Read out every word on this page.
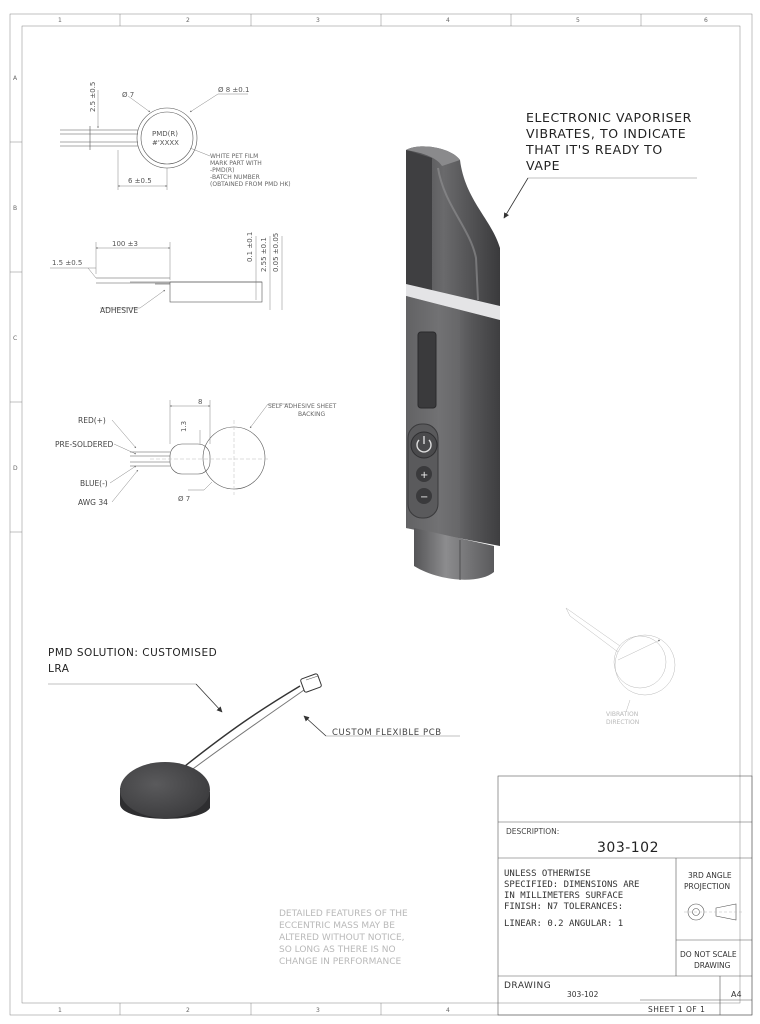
1	2	3	4	5	6
1	2	3	4
A
B
C
D
2.5 ±0.5	Ø 7
Ø 8 ±0.1
6 ±0.5
PMD(R)
#'XXXX
WHITE PET FILM
MARK PART WITH
-PMD(R)
-BATCH NUMBER
(OBTAINED FROM PMD HK)
100 ±3
1.5 ±0.5
0.1 ±0.1 2.55 ±0.1 0.05 ±0.05
ADHESIVE
8
1.3
Ø 7
SELF ADHESIVE SHEET
BACKING
RED(+)
PRE-SOLDERED
BLUE(-)
AWG 34
+
−
ELECTRONIC VAPORISER
VIBRATES, TO INDICATE
THAT IT'S READY TO
VAPE
VIBRATION
DIRECTION
PMD SOLUTION: CUSTOMISED
LRA
CUSTOM FLEXIBLE PCB
DETAILED FEATURES OF THE
ECCENTRIC MASS MAY BE
ALTERED WITHOUT NOTICE,
SO LONG AS THERE IS NO
CHANGE IN PERFORMANCE
DESCRIPTION:
303-102
UNLESS OTHERWISE
SPECIFIED: DIMENSIONS ARE
IN MILLIMETERS SURFACE
FINISH: N7 TOLERANCES:
LINEAR: 0.2 ANGULAR: 1
3RD ANGLE
PROJECTION
DO NOT SCALE
DRAWING
DRAWING
303-102	A4
SHEET 1 OF 1
